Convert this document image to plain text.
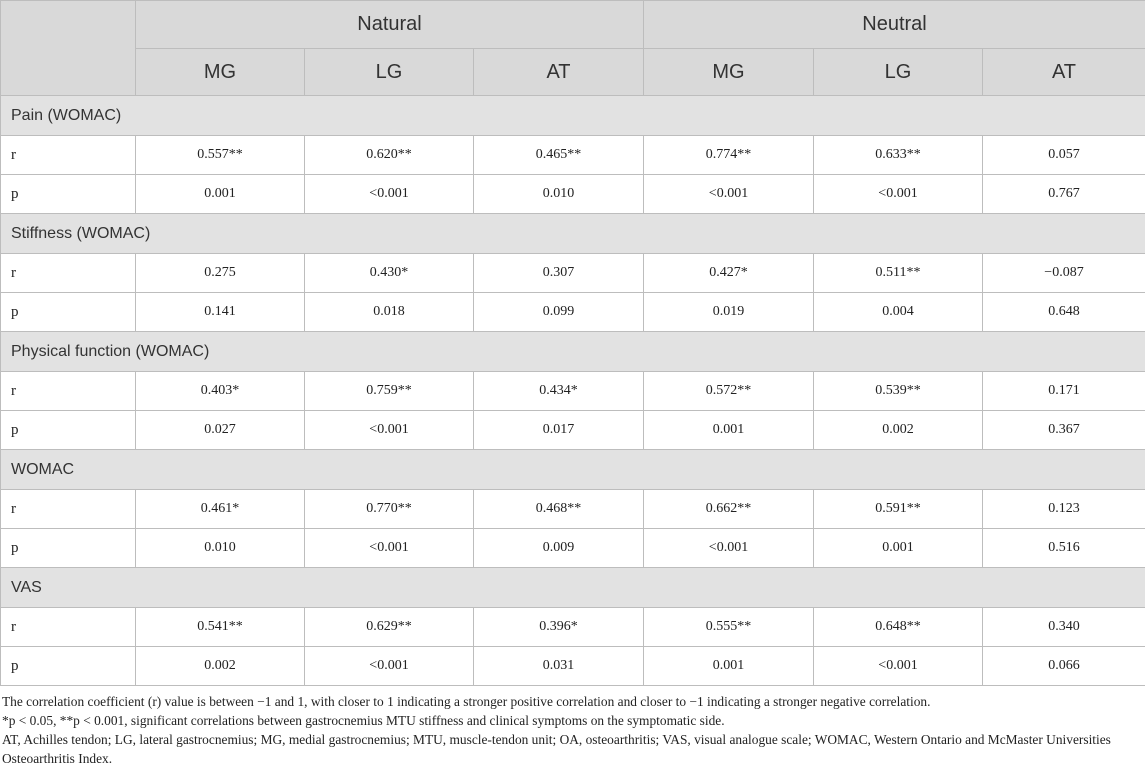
	Natural			Neutral		
	MG	LG	AT	MG	LG	AT
Pain (WOMAC)						
r	0.557**	0.620**	0.465**	0.774**	0.633**	0.057
p	0.001	<0.001	0.010	<0.001	<0.001	0.767
Stiffness (WOMAC)						
r	0.275	0.430*	0.307	0.427*	0.511**	−0.087
p	0.141	0.018	0.099	0.019	0.004	0.648
Physical function (WOMAC)						
r	0.403*	0.759**	0.434*	0.572**	0.539**	0.171
p	0.027	<0.001	0.017	0.001	0.002	0.367
WOMAC						
r	0.461*	0.770**	0.468**	0.662**	0.591**	0.123
p	0.010	<0.001	0.009	<0.001	0.001	0.516
VAS						
r	0.541**	0.629**	0.396*	0.555**	0.648**	0.340
p	0.002	<0.001	0.031	0.001	<0.001	0.066

The correlation coefficient (r) value is between −1 and 1, with closer to 1 indicating a stronger positive correlation and closer to −1 indicating a stronger negative correlation.

*p < 0.05, **p < 0.001, significant correlations between gastrocnemius MTU stiffness and clinical symptoms on the symptomatic side.

AT, Achilles tendon; LG, lateral gastrocnemius; MG, medial gastrocnemius; MTU, muscle-tendon unit; OA, osteoarthritis; VAS, visual analogue scale; WOMAC, Western Ontario and McMaster Universities Osteoarthritis Index.
